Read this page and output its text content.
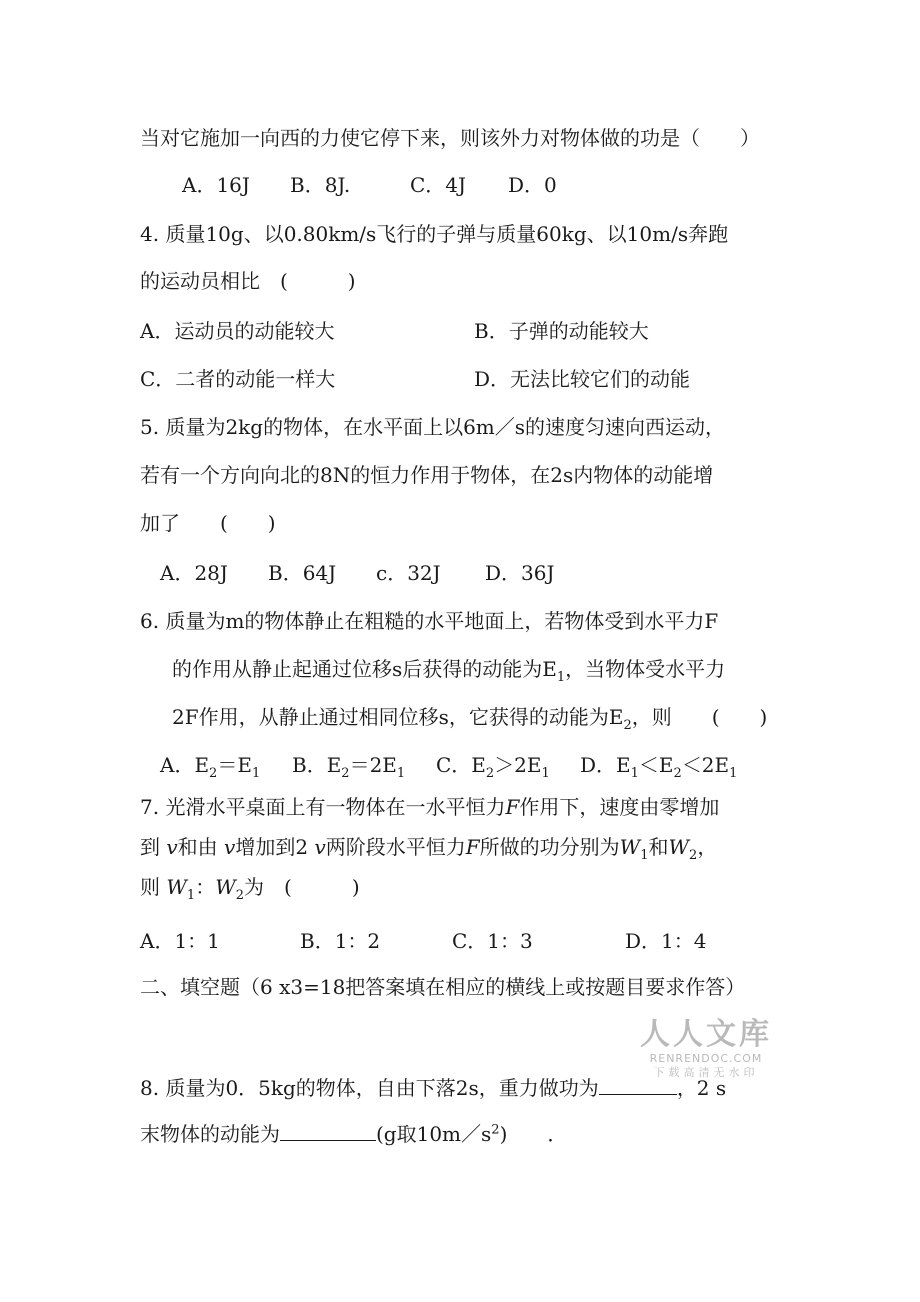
当对它施加一向西的力使它停下来，则该外力对物体做的功是（　　）
A．16J B．8J.	C．4J D．0
4. 质量10g、以0.80km/s飞行的子弹与质量60kg、以10m/s奔跑
的运动员相比　(　　　)
A．运动员的动能较大	B．子弹的动能较大
C．二者的动能一样大	D．无法比较它们的动能
5. 质量为2kg的物体，在水平面上以6m／s的速度匀速向西运动，
若有一个方向向北的8N的恒力作用于物体，在2s内物体的动能增
加了　　(　　)
A．28J B．64J c．32J D．36J
6. 质量为m的物体静止在粗糙的水平地面上，若物体受到水平力F
的作用从静止起通过位移s后获得的动能为$E_1$，当物体受水平力
2F作用，从静止通过相同位移s，它获得的动能为$E_2$，则　　(　　)
A．$E_2=E_1$ B．$E_2=2E_1$ C．$E_2>2E_1$ D．$E_1<E_2<2E_1$
7. 光滑水平桌面上有一物体在一水平恒力F作用下，速度由零增加
到 v和由 v增加到2 v两阶段水平恒力F所做的功分别为$W_1$和$W_2$，
则 $W_1$：$W_2$为　(　　　)
A．1：1	B．1：2	C．1：3	D．1：4
二、填空题（6 x3=18把答案填在相应的横线上或按题目要求作答）
人人文库
RENRENDOC.COM
下载高清无水印
8. 质量为0．5kg的物体，自由下落2s，重力做功为	，2 s
末物体的动能为	(g取$10m/s^2$)　　．
